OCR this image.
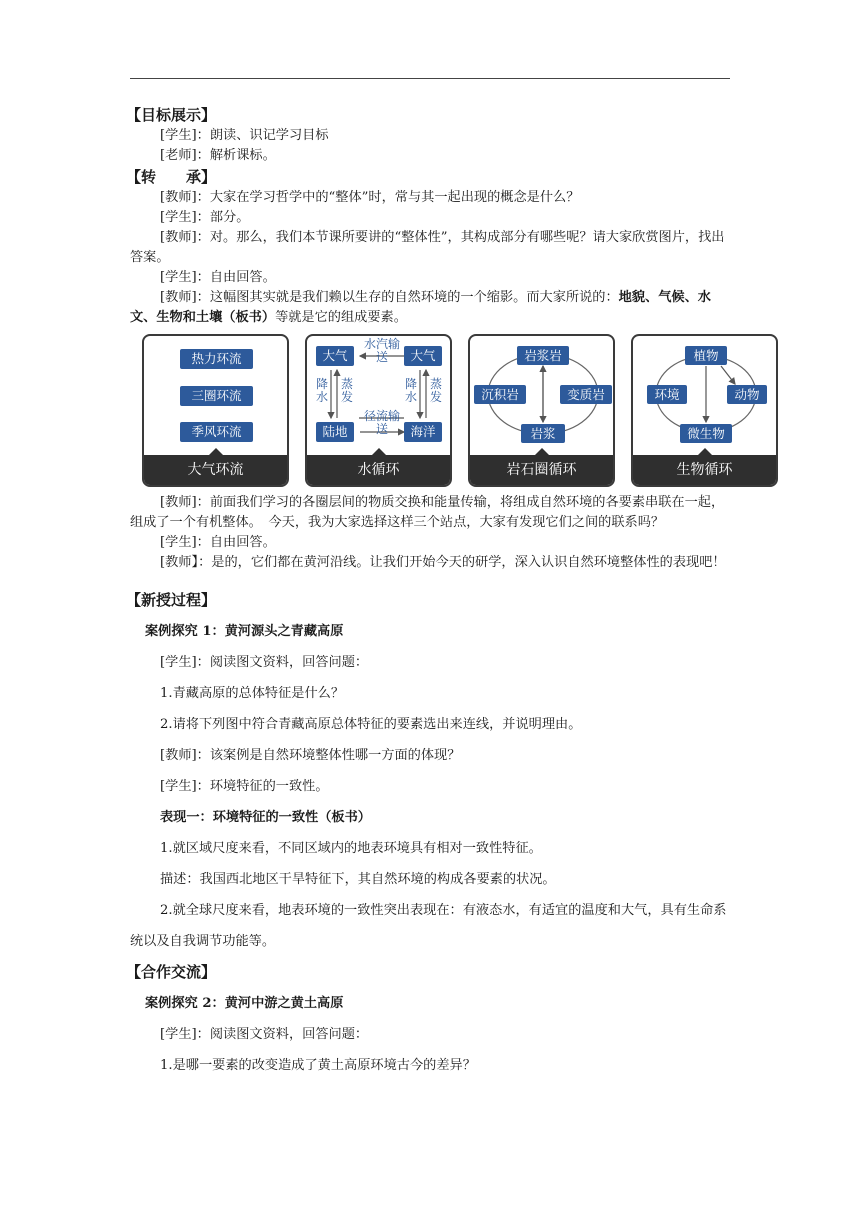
【目标展示】
[学生]：朗读、识记学习目标
[老师]：解析课标。
【转　　承】
[教师]：大家在学习哲学中的“整体”时，常与其一起出现的概念是什么？
[学生]：部分。
[教师]：对。那么，我们本节课所要讲的“整体性”，其构成部分有哪些呢？请大家欣赏图片，找出答案。
[学生]：自由回答。
[教师]：这幅图其实就是我们赖以生存的自然环境的一个缩影。而大家所说的：地貌、气候、水文、生物和土壤（板书）等就是它的组成要素。
热力环流
三圈环流
季风环流
大气环流
大气	大气
陆地	海洋
水汽输送
径流输送
降水
蒸发
降水
蒸发
水循环
岩浆岩
沉积岩	变质岩
岩浆
岩石圈循环
植物
环境	动物
微生物
生物循环
[教师]：前面我们学习的各圈层间的物质交换和能量传输，将组成自然环境的各要素串联在一起，组成了一个有机整体。　今天，我为大家选择这样三个站点，大家有发现它们之间的联系吗？
[学生]：自由回答。
[教师】：是的，它们都在黄河沿线。让我们开始今天的研学，深入认识自然环境整体性的表现吧！
【新授过程】
案例探究 1：黄河源头之青藏高原
[学生]：阅读图文资料，回答问题：
1.青藏高原的总体特征是什么？
2.请将下列图中符合青藏高原总体特征的要素选出来连线，并说明理由。
[教师]：该案例是自然环境整体性哪一方面的体现？
[学生]：环境特征的一致性。
表现一：环境特征的一致性（板书）
1.就区域尺度来看，不同区域内的地表环境具有相对一致性特征。
描述：我国西北地区干旱特征下，其自然环境的构成各要素的状况。
2.就全球尺度来看，地表环境的一致性突出表现在：有液态水，有适宜的温度和大气，具有生命系统以及自我调节功能等。
【合作交流】
案例探究 2：黄河中游之黄土高原
[学生]：阅读图文资料，回答问题：
1.是哪一要素的改变造成了黄土高原环境古今的差异？
